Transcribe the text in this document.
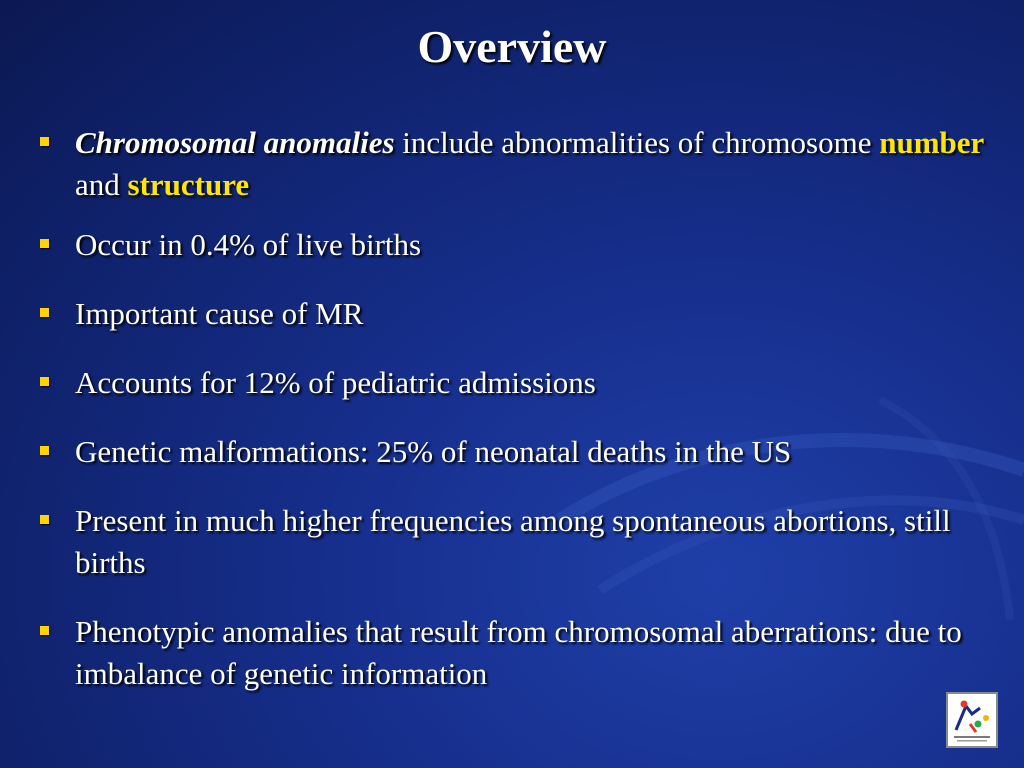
Overview
Chromosomal anomalies include abnormalities of chromosome number and structure
Occur in 0.4% of live births
Important cause of MR
Accounts for 12% of pediatric admissions
Genetic malformations: 25% of neonatal deaths in the US
Present in much higher frequencies among spontaneous abortions, still births
Phenotypic anomalies that result from chromosomal aberrations: due to imbalance of genetic information
